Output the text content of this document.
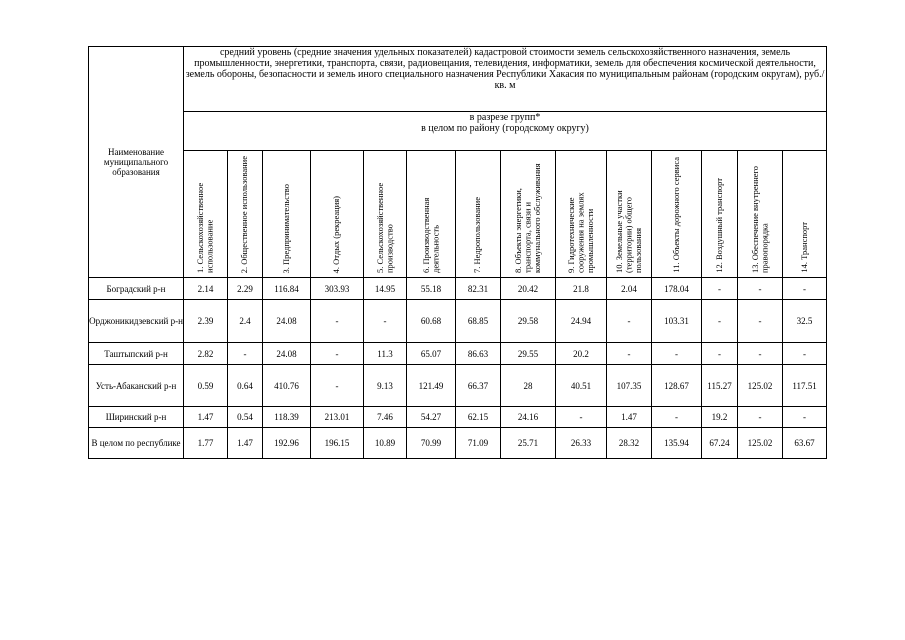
Наименование муниципального образования	средний уровень (средние значения удельных показателей) кадастровой стоимости земель сельскохозяйственного назначения, земель промышленности, энергетики, транспорта, связи, радиовещания, телевидения, информатики, земель для обеспечения космической деятельности, земель обороны, безопасности и земель иного специального назначения Республики Хакасия по муниципальным районам (городским округам), руб./кв. м													

	в разрезе групп*
в целом по району (городскому округу)													

	1. Сельскохозяйственное использование	2. Общественное использование	3. Предпринимательство	4. Отдых (рекреация)	5. Сельскохозяйственное производство	6. Производственная деятельность	7. Недропользование	8. Объекты энергетики, транспорта, связи и коммунального обслуживания	9. Гидротехнические сооружения на землях промышленности	10. Земельные участки (территории) общего пользования	11. Объекты дорожного сервиса	12. Воздушный транспорт	13. Обеспечение внутреннего правопорядка	14. Транспорт

Боградский р-н	2.14	2.29	116.84	303.93	14.95	55.18	82.31	20.42	21.8	2.04	178.04	-	-	-
Орджоникидзевский р-н	2.39	2.4	24.08	-	-	60.68	68.85	29.58	24.94	-	103.31	-	-	32.5
Таштыпский р-н	2.82	-	24.08	-	11.3	65.07	86.63	29.55	20.2	-	-	-	-	-
Усть-Абаканский р-н	0.59	0.64	410.76	-	9.13	121.49	66.37	28	40.51	107.35	128.67	115.27	125.02	117.51
Ширинский р-н	1.47	0.54	118.39	213.01	7.46	54.27	62.15	24.16	-	1.47	-	19.2	-	-
В целом по республике	1.77	1.47	192.96	196.15	10.89	70.99	71.09	25.71	26.33	28.32	135.94	67.24	125.02	63.67
